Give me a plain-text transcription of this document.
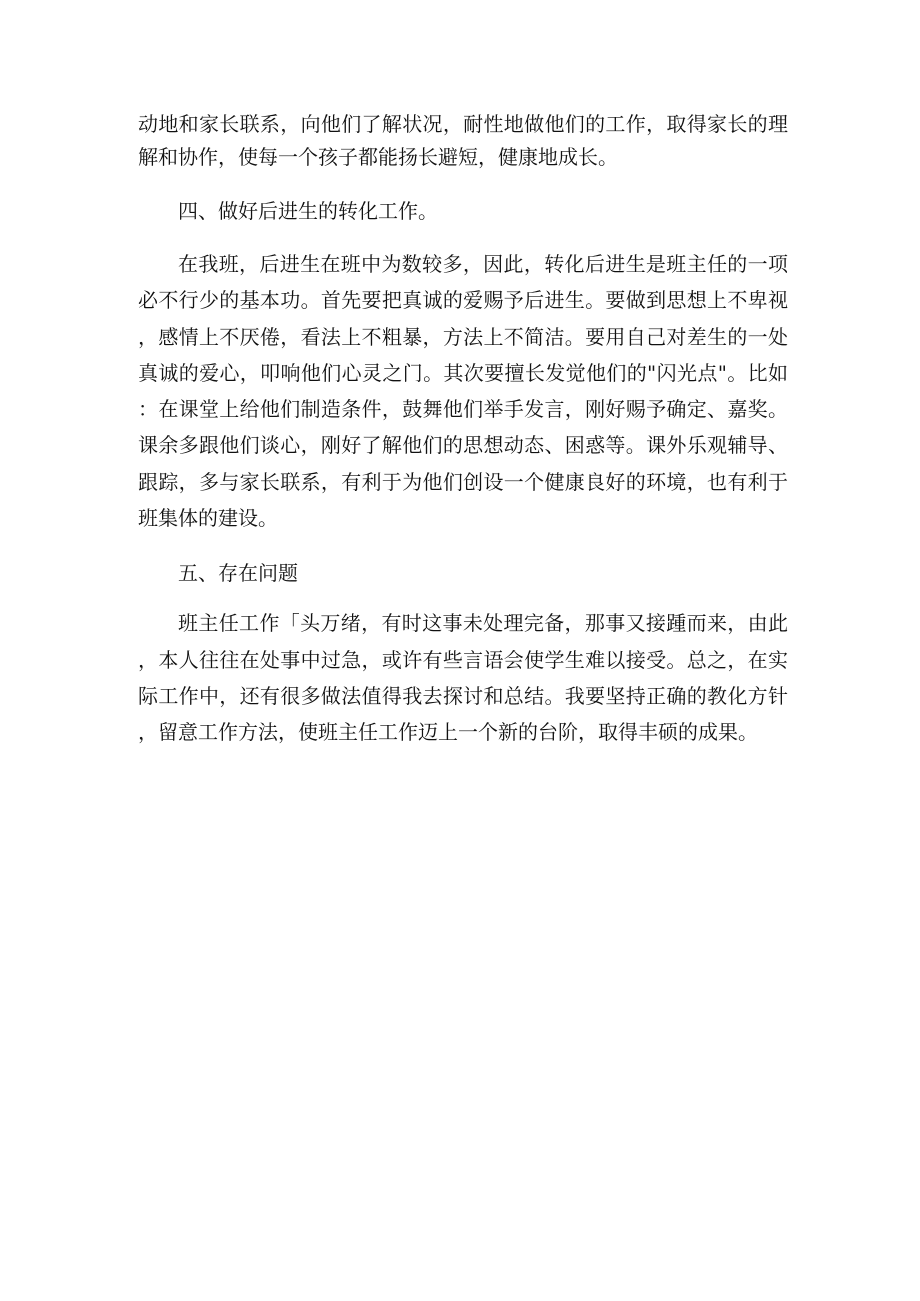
动地和家长联系，向他们了解状况，耐性地做他们的工作，取得家长的理解和协作，使每一个孩子都能扬长避短，健康地成长。

四、做好后进生的转化工作。

在我班，后进生在班中为数较多，因此，转化后进生是班主任的一项必不行少的基本功。首先要把真诚的爱赐予后进生。要做到思想上不卑视，感情上不厌倦，看法上不粗暴，方法上不简洁。要用自己对差生的一处真诚的爱心，叩响他们心灵之门。其次要擅长发觉他们的"闪光点"。比如：在课堂上给他们制造条件，鼓舞他们举手发言，刚好赐予确定、嘉奖。课余多跟他们谈心，刚好了解他们的思想动态、困惑等。课外乐观辅导、跟踪，多与家长联系，有利于为他们创设一个健康良好的环境，也有利于班集体的建设。

五、存在问题

班主任工作「头万绪，有时这事未处理完备，那事又接踵而来，由此，本人往往在处事中过急，或许有些言语会使学生难以接受。总之，在实际工作中，还有很多做法值得我去探讨和总结。我要坚持正确的教化方针，留意工作方法，使班主任工作迈上一个新的台阶，取得丰硕的成果。
